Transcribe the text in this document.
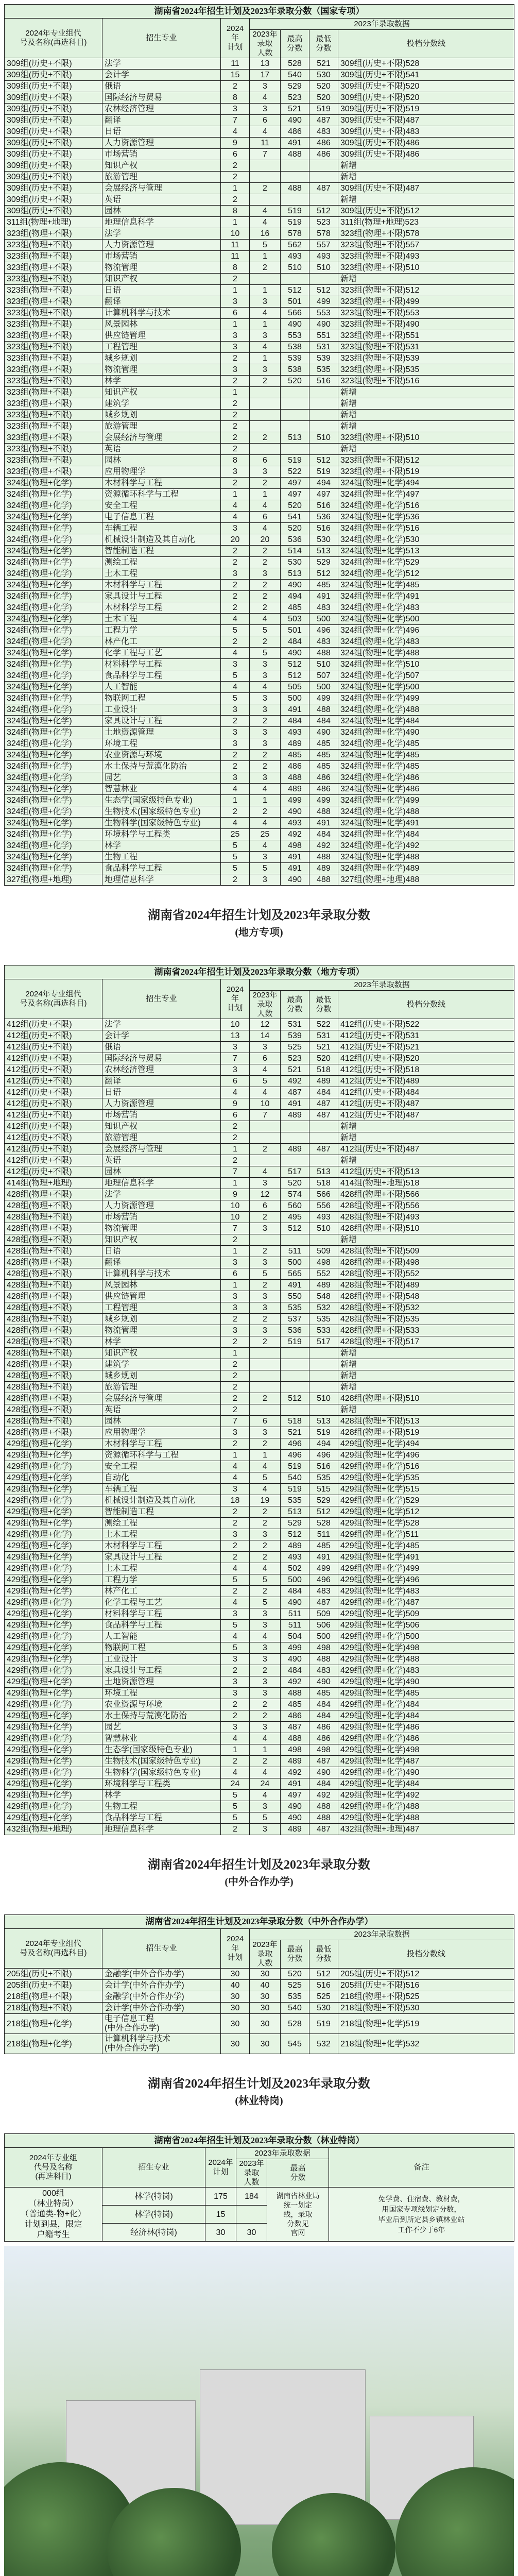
湖南省2024年招生计划及2023年录取分数（国家专项）						
2024年专业组代
号及名称(再选科目)	招生专业	2024年
计划	2023年录取数据			
			2023年
录取
人数	最高
分数	最低
分数	投档分数线
309组(历史+不限)	法学	11	13	528	521	309组(历史+不限)528
309组(历史+不限)	会计学	15	17	540	530	309组(历史+不限)541
309组(历史+不限)	俄语	2	3	529	520	309组(历史+不限)520
309组(历史+不限)	国际经济与贸易	8	4	523	520	309组(历史+不限)520
309组(历史+不限)	农林经济管理	3	3	521	519	309组(历史+不限)519
309组(历史+不限)	翻译	7	6	490	487	309组(历史+不限)487
309组(历史+不限)	日语	4	4	486	483	309组(历史+不限)483
309组(历史+不限)	人力资源管理	9	11	491	486	309组(历史+不限)486
309组(历史+不限)	市场营销	6	7	488	486	309组(历史+不限)486
309组(历史+不限)	知识产权	2				新增
309组(历史+不限)	旅游管理	2				新增
309组(历史+不限)	会展经济与管理	1	2	488	487	309组(历史+不限)487
309组(历史+不限)	英语	2				新增
309组(历史+不限)	园林	8	4	519	512	309组(历史+不限)512
311组(物理+地理)	地理信息科学	1	4	519	523	311组(物理+地理)523
323组(物理+不限)	法学	10	16	578	578	323组(物理+不限)578
323组(物理+不限)	人力资源管理	11	5	562	557	323组(物理+不限)557
323组(物理+不限)	市场营销	11	1	493	493	323组(物理+不限)493
323组(物理+不限)	物流管理	8	2	510	510	323组(物理+不限)510
323组(物理+不限)	知识产权	2				新增
323组(物理+不限)	日语	1	1	512	512	323组(物理+不限)512
323组(物理+不限)	翻译	3	3	501	499	323组(物理+不限)499
323组(物理+不限)	计算机科学与技术	6	4	566	553	323组(物理+不限)553
323组(物理+不限)	风景园林	1	1	490	490	323组(物理+不限)490
323组(物理+不限)	供应链管理	3	3	553	551	323组(物理+不限)551
323组(物理+不限)	工程管理	3	4	538	531	323组(物理+不限)531
323组(物理+不限)	城乡规划	2	1	539	539	323组(物理+不限)539
323组(物理+不限)	物流管理	3	3	538	535	323组(物理+不限)535
323组(物理+不限)	林学	2	2	520	516	323组(物理+不限)516
323组(物理+不限)	知识产权	1				新增
323组(物理+不限)	建筑学	2				新增
323组(物理+不限)	城乡规划	2				新增
323组(物理+不限)	旅游管理	2				新增
323组(物理+不限)	会展经济与管理	2	2	513	510	323组(物理+不限)510
323组(物理+不限)	英语	2				新增
323组(物理+不限)	园林	8	6	519	512	323组(物理+不限)512
323组(物理+不限)	应用物理学	3	3	522	519	323组(物理+不限)519
324组(物理+化学)	木材科学与工程	2	2	497	494	324组(物理+化学)494
324组(物理+化学)	资源循环科学与工程	1	1	497	497	324组(物理+化学)497
324组(物理+化学)	安全工程	4	4	520	516	324组(物理+化学)516
324组(物理+化学)	电子信息工程	4	6	541	536	324组(物理+化学)536
324组(物理+化学)	车辆工程	3	4	520	516	324组(物理+化学)516
324组(物理+化学)	机械设计制造及其自动化	20	20	536	530	324组(物理+化学)530
324组(物理+化学)	智能制造工程	2	2	514	513	324组(物理+化学)513
324组(物理+化学)	测绘工程	2	2	530	529	324组(物理+化学)529
324组(物理+化学)	土木工程	3	3	513	512	324组(物理+化学)512
324组(物理+化学)	木材科学与工程	2	2	490	485	324组(物理+化学)485
324组(物理+化学)	家具设计与工程	2	2	494	491	324组(物理+化学)491
324组(物理+化学)	木材科学与工程	2	2	485	483	324组(物理+化学)483
324组(物理+化学)	土木工程	4	4	503	500	324组(物理+化学)500
324组(物理+化学)	工程力学	5	5	501	496	324组(物理+化学)496
324组(物理+化学)	林产化工	2	2	484	483	324组(物理+化学)483
324组(物理+化学)	化学工程与工艺	4	5	490	488	324组(物理+化学)488
324组(物理+化学)	材料科学与工程	3	3	512	510	324组(物理+化学)510
324组(物理+化学)	食品科学与工程	5	3	512	507	324组(物理+化学)507
324组(物理+化学)	人工智能	4	4	505	500	324组(物理+化学)500
324组(物理+化学)	物联网工程	5	3	500	499	324组(物理+化学)499
324组(物理+化学)	工业设计	3	3	491	488	324组(物理+化学)488
324组(物理+化学)	家具设计与工程	2	2	484	484	324组(物理+化学)484
324组(物理+化学)	土地资源管理	3	3	493	490	324组(物理+化学)490
324组(物理+化学)	环境工程	3	3	489	485	324组(物理+化学)485
324组(物理+化学)	农业资源与环境	2	2	485	485	324组(物理+化学)485
324组(物理+化学)	水土保持与荒漠化防治	2	2	486	485	324组(物理+化学)485
324组(物理+化学)	园艺	3	3	488	486	324组(物理+化学)486
324组(物理+化学)	智慧林业	4	4	489	486	324组(物理+化学)486
324组(物理+化学)	生态学(国家级特色专业)	1	1	499	499	324组(物理+化学)499
324组(物理+化学)	生物技术(国家级特色专业)	2	2	490	488	324组(物理+化学)488
324组(物理+化学)	生物科学(国家级特色专业)	4	4	493	491	324组(物理+化学)491
324组(物理+化学)	环境科学与工程类	25	25	492	484	324组(物理+化学)484
324组(物理+化学)	林学	5	4	498	492	324组(物理+化学)492
324组(物理+化学)	生物工程	5	3	491	488	324组(物理+化学)488
324组(物理+化学)	食品科学与工程	5	5	491	489	324组(物理+化学)489
327组(物理+地理)	地理信息科学	2	3	490	488	327组(物理+地理)488
湖南省2024年招生计划及2023年录取分数
(地方专项)
湖南省2024年招生计划及2023年录取分数（地方专项）						
2024年专业组代
号及名称(再选科目)	招生专业	2024年
计划	2023年录取数据			
			2023年
录取
人数	最高
分数	最低
分数	投档分数线
412组(历史+不限)	法学	10	12	531	522	412组(历史+不限)522
412组(历史+不限)	会计学	13	14	539	531	412组(历史+不限)531
412组(历史+不限)	俄语	3	3	525	521	412组(历史+不限)521
412组(历史+不限)	国际经济与贸易	7	6	523	520	412组(历史+不限)520
412组(历史+不限)	农林经济管理	3	4	521	518	412组(历史+不限)518
412组(历史+不限)	翻译	6	5	492	489	412组(历史+不限)489
412组(历史+不限)	日语	4	4	487	484	412组(历史+不限)484
412组(历史+不限)	人力资源管理	9	10	491	487	412组(历史+不限)487
412组(历史+不限)	市场营销	6	7	489	487	412组(历史+不限)487
412组(历史+不限)	知识产权	2				新增
412组(历史+不限)	旅游管理	2				新增
412组(历史+不限)	会展经济与管理	1	2	489	487	412组(历史+不限)487
412组(历史+不限)	英语	2				新增
412组(历史+不限)	园林	7	4	517	513	412组(历史+不限)513
414组(物理+地理)	地理信息科学	1	3	520	518	414组(物理+地理)518
428组(物理+不限)	法学	9	12	574	566	428组(物理+不限)566
428组(物理+不限)	人力资源管理	10	6	560	556	428组(物理+不限)556
428组(物理+不限)	市场营销	10	2	495	493	428组(物理+不限)493
428组(物理+不限)	物流管理	7	3	512	510	428组(物理+不限)510
428组(物理+不限)	知识产权	2				新增
428组(物理+不限)	日语	1	2	511	509	428组(物理+不限)509
428组(物理+不限)	翻译	3	3	500	498	428组(物理+不限)498
428组(物理+不限)	计算机科学与技术	6	5	565	552	428组(物理+不限)552
428组(物理+不限)	风景园林	1	2	491	489	428组(物理+不限)489
428组(物理+不限)	供应链管理	3	3	550	548	428组(物理+不限)548
428组(物理+不限)	工程管理	3	3	535	532	428组(物理+不限)532
428组(物理+不限)	城乡规划	2	2	537	535	428组(物理+不限)535
428组(物理+不限)	物流管理	3	3	536	533	428组(物理+不限)533
428组(物理+不限)	林学	2	2	519	517	428组(物理+不限)517
428组(物理+不限)	知识产权	1				新增
428组(物理+不限)	建筑学	2				新增
428组(物理+不限)	城乡规划	2				新增
428组(物理+不限)	旅游管理	2				新增
428组(物理+不限)	会展经济与管理	2	2	512	510	428组(物理+不限)510
428组(物理+不限)	英语	2				新增
428组(物理+不限)	园林	7	6	518	513	428组(物理+不限)513
428组(物理+不限)	应用物理学	3	3	521	519	428组(物理+不限)519
429组(物理+化学)	木材科学与工程	2	2	496	494	429组(物理+化学)494
429组(物理+化学)	资源循环科学与工程	1	1	496	496	429组(物理+化学)496
429组(物理+化学)	安全工程	4	4	519	516	429组(物理+化学)516
429组(物理+化学)	自动化	4	5	540	535	429组(物理+化学)535
429组(物理+化学)	车辆工程	3	4	519	515	429组(物理+化学)515
429组(物理+化学)	机械设计制造及其自动化	18	19	535	529	429组(物理+化学)529
429组(物理+化学)	智能制造工程	2	2	513	512	429组(物理+化学)512
429组(物理+化学)	测绘工程	2	2	529	528	429组(物理+化学)528
429组(物理+化学)	土木工程	3	3	512	511	429组(物理+化学)511
429组(物理+化学)	木材科学与工程	2	2	489	485	429组(物理+化学)485
429组(物理+化学)	家具设计与工程	2	2	493	491	429组(物理+化学)491
429组(物理+化学)	土木工程	4	4	502	499	429组(物理+化学)499
429组(物理+化学)	工程力学	5	5	500	496	429组(物理+化学)496
429组(物理+化学)	林产化工	2	2	484	483	429组(物理+化学)483
429组(物理+化学)	化学工程与工艺	4	5	490	487	429组(物理+化学)487
429组(物理+化学)	材料科学与工程	3	3	511	509	429组(物理+化学)509
429组(物理+化学)	食品科学与工程	5	3	511	506	429组(物理+化学)506
429组(物理+化学)	人工智能	4	4	504	500	429组(物理+化学)500
429组(物理+化学)	物联网工程	5	3	499	498	429组(物理+化学)498
429组(物理+化学)	工业设计	3	3	490	488	429组(物理+化学)488
429组(物理+化学)	家具设计与工程	2	2	484	483	429组(物理+化学)483
429组(物理+化学)	土地资源管理	3	3	492	490	429组(物理+化学)490
429组(物理+化学)	环境工程	3	3	488	485	429组(物理+化学)485
429组(物理+化学)	农业资源与环境	2	2	485	484	429组(物理+化学)484
429组(物理+化学)	水土保持与荒漠化防治	2	2	486	484	429组(物理+化学)484
429组(物理+化学)	园艺	3	3	487	486	429组(物理+化学)486
429组(物理+化学)	智慧林业	4	4	488	486	429组(物理+化学)486
429组(物理+化学)	生态学(国家级特色专业)	1	1	498	498	429组(物理+化学)498
429组(物理+化学)	生物技术(国家级特色专业)	2	2	489	487	429组(物理+化学)487
429组(物理+化学)	生物科学(国家级特色专业)	4	4	492	490	429组(物理+化学)490
429组(物理+化学)	环境科学与工程类	24	24	491	484	429组(物理+化学)484
429组(物理+化学)	林学	5	4	497	492	429组(物理+化学)492
429组(物理+化学)	生物工程	5	3	490	488	429组(物理+化学)488
429组(物理+化学)	食品科学与工程	5	5	490	488	429组(物理+化学)488
432组(物理+地理)	地理信息科学	2	3	489	487	432组(物理+地理)487
湖南省2024年招生计划及2023年录取分数
(中外合作办学)
湖南省2024年招生计划及2023年录取分数（中外合作办学）						
2024年专业组代
号及名称(再选科目)	招生专业	2024年
计划	2023年录取数据			
			2023年
录取
人数	最高
分数	最低
分数	投档分数线
205组(历史+不限)	金融学(中外合作办学)	30	30	520	512	205组(历史+不限)512
205组(历史+不限)	会计学(中外合作办学)	40	40	525	516	205组(历史+不限)516
218组(物理+不限)	金融学(中外合作办学)	30	30	535	525	218组(物理+不限)525
218组(物理+不限)	会计学(中外合作办学)	30	30	540	530	218组(物理+不限)530
218组(物理+化学)	电子信息工程
(中外合作办学)	30	30	528	519	218组(物理+化学)519
218组(物理+化学)	计算机科学与技术
(中外合作办学)	30	30	545	532	218组(物理+化学)532
湖南省2024年招生计划及2023年录取分数
(林业特岗)
湖南省2024年招生计划及2023年录取分数（林业特岗）					
2024年专业组
代号及名称
(再选科目)	招生专业	2024年
计划	2023年录取数据		备注
			2023年
录取
人数	最高
分数	
000组
（林业特岗）
（普通类-物+化）
计划到县，限定
户籍考生	林学(特岗)	175	184	湖南省林业局
统一划定
线，录取
分数见
官网	免学费、住宿费、教材费，
用国家专项线划定分数，
毕业后到所定县乡镇林业站
工作不少于6年
	林学(特岗)	15			
	经济林(特岗)	30	30		
